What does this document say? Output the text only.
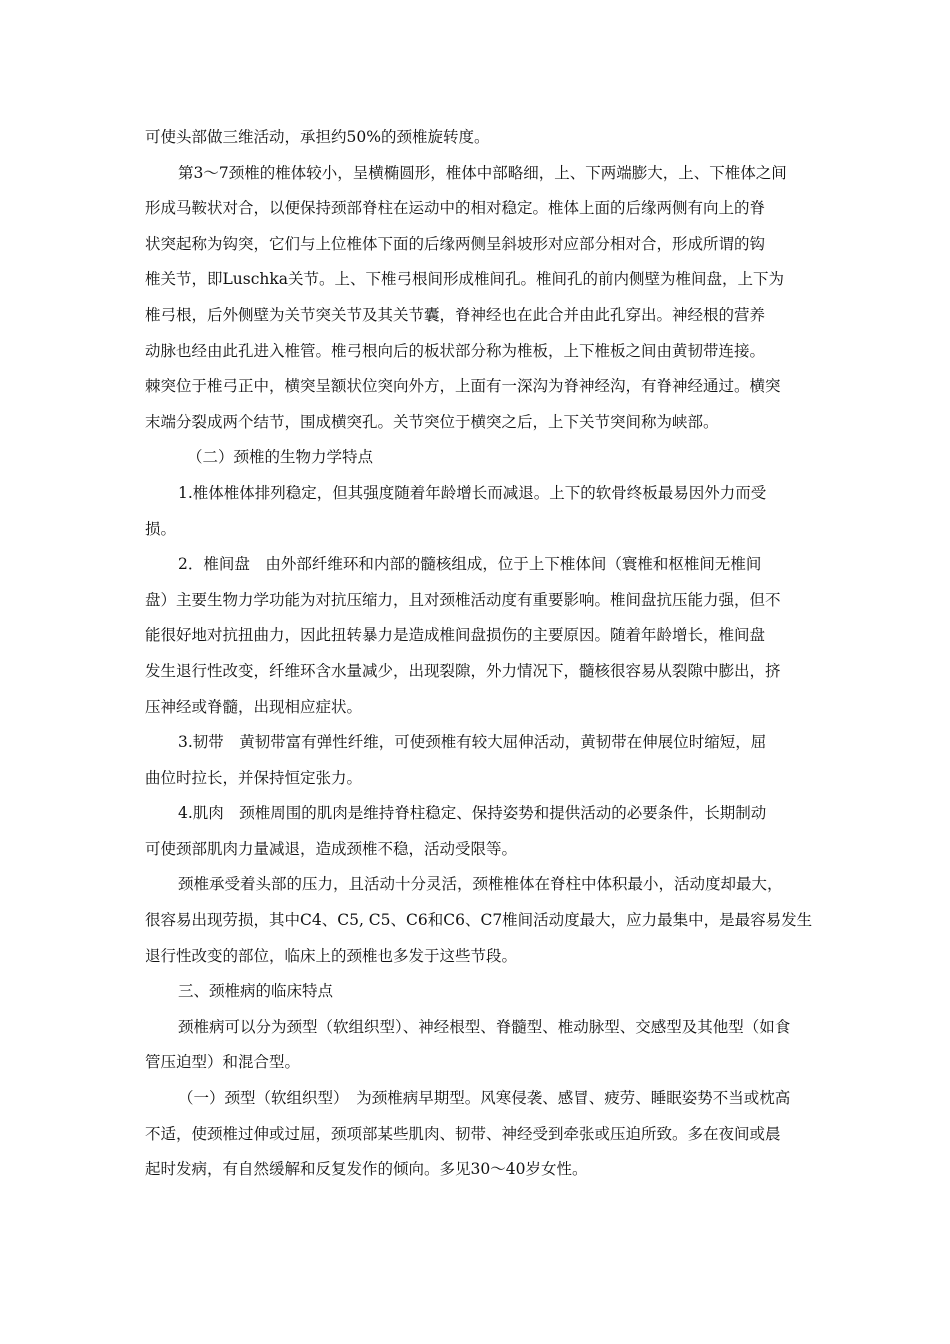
可使头部做三维活动，承担约50%的颈椎旋转度。
第3～7颈椎的椎体较小，呈横椭圆形，椎体中部略细，上、下两端膨大，上、下椎体之间
形成马鞍状对合，以便保持颈部脊柱在运动中的相对稳定。椎体上面的后缘两侧有向上的脊
状突起称为钩突，它们与上位椎体下面的后缘两侧呈斜坡形对应部分相对合，形成所谓的钩
椎关节，即Luschka关节。上、下椎弓根间形成椎间孔。椎间孔的前内侧壁为椎间盘，上下为
椎弓根，后外侧壁为关节突关节及其关节囊，脊神经也在此合并由此孔穿出。神经根的营养
动脉也经由此孔进入椎管。椎弓根向后的板状部分称为椎板，上下椎板之间由黄韧带连接。
棘突位于椎弓正中，横突呈额状位突向外方，上面有一深沟为脊神经沟，有脊神经通过。横突
末端分裂成两个结节，围成横突孔。关节突位于横突之后，上下关节突间称为峡部。
（二）颈椎的生物力学特点
1.椎体椎体排列稳定，但其强度随着年龄增长而减退。上下的软骨终板最易因外力而受
损。
2．椎间盘　由外部纤维环和内部的髓核组成，位于上下椎体间（寰椎和枢椎间无椎间
盘）主要生物力学功能为对抗压缩力，且对颈椎活动度有重要影响。椎间盘抗压能力强，但不
能很好地对抗扭曲力，因此扭转暴力是造成椎间盘损伤的主要原因。随着年龄增长，椎间盘
发生退行性改变，纤维环含水量减少，出现裂隙，外力情况下，髓核很容易从裂隙中膨出，挤
压神经或脊髓，出现相应症状。
3.韧带　黄韧带富有弹性纤维，可使颈椎有较大屈伸活动，黄韧带在伸展位时缩短，屈
曲位时拉长，并保持恒定张力。
4.肌肉　颈椎周围的肌肉是维持脊柱稳定、保持姿势和提供活动的必要条件，长期制动
可使颈部肌肉力量减退，造成颈椎不稳，活动受限等。
颈椎承受着头部的压力，且活动十分灵活，颈椎椎体在脊柱中体积最小，活动度却最大，
很容易出现劳损，其中C4、C5, C5、C6和C6、C7椎间活动度最大，应力最集中，是最容易发生
退行性改变的部位，临床上的颈椎也多发于这些节段。
三、颈椎病的临床特点
颈椎病可以分为颈型（软组织型）、神经根型、脊髓型、椎动脉型、交感型及其他型（如食
管压迫型）和混合型。
（一）颈型（软组织型）　为颈椎病早期型。风寒侵袭、感冒、疲劳、睡眠姿势不当或枕高
不适，使颈椎过伸或过屈，颈项部某些肌肉、韧带、神经受到牵张或压迫所致。多在夜间或晨
起时发病，有自然缓解和反复发作的倾向。多见30～40岁女性。
